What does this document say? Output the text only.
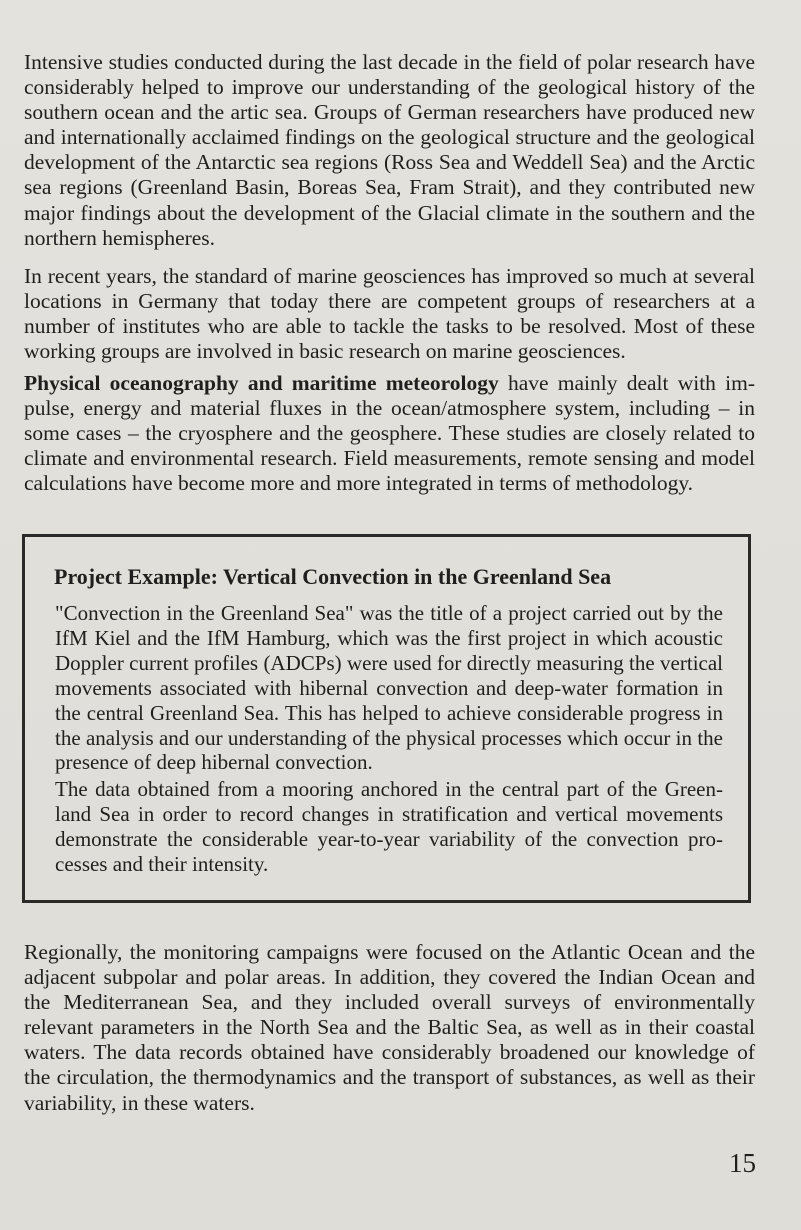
Intensive studies conducted during the last decade in the field of polar research have considerably helped to improve our understanding of the geological history of the southern ocean and the artic sea. Groups of German researchers have produced new and internationally acclaimed findings on the geological structure and the geological development of the Antarctic sea regions (Ross Sea and Weddell Sea) and the Arctic sea regions (Greenland Basin, Boreas Sea, Fram Strait), and they contributed new major findings about the development of the Glacial climate in the southern and the northern hemispheres.

In recent years, the standard of marine geosciences has improved so much at several locations in Germany that today there are competent groups of researchers at a number of institutes who are able to tackle the tasks to be resolved. Most of these working groups are involved in basic research on marine geosciences.

Physical oceanography and maritime meteorology have mainly dealt with impulse, energy and material fluxes in the ocean/atmosphere system, including – in some cases – the cryosphere and the geosphere. These studies are closely related to climate and environmental research. Field measurements, remote sensing and model calculations have become more and more integrated in terms of methodology.

Project Example: Vertical Convection in the Greenland Sea

"Convection in the Greenland Sea" was the title of a project carried out by the IfM Kiel and the IfM Hamburg, which was the first project in which acoustic Doppler current profiles (ADCPs) were used for directly measuring the vertical movements associated with hibernal convection and deep-water formation in the central Greenland Sea. This has helped to achieve considerable progress in the analysis and our understanding of the physical processes which occur in the presence of deep hibernal convection.

The data obtained from a mooring anchored in the central part of the Greenland Sea in order to record changes in stratification and vertical movements demonstrate the considerable year-to-year variability of the convection processes and their intensity.

Regionally, the monitoring campaigns were focused on the Atlantic Ocean and the adjacent subpolar and polar areas. In addition, they covered the Indian Ocean and the Mediterranean Sea, and they included overall surveys of environmentally relevant parameters in the North Sea and the Baltic Sea, as well as in their coastal waters. The data records obtained have considerably broadened our knowledge of the circulation, the thermodynamics and the transport of substances, as well as their variability, in these waters.

15
